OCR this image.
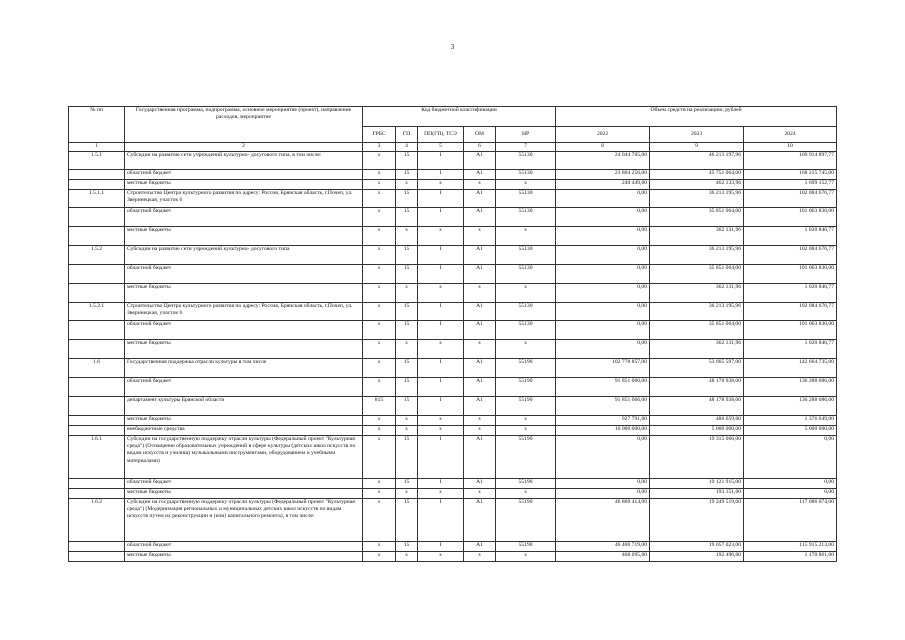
3
№ пп	Государственная программа, подпрограмма, основное мероприятие (проект), направление расходов, мероприятие	Код бюджетной классификации					Объем средств на реализацию, рублей		
		ГРБС	ГП	ПП(ГП), ТСЭ	ОМ	НР	2022	2023	2024
1	2	3	4	5	6	7	8	9	10
1.5.1	Субсидии на развитие сети учреждений культурно- досугового типа, в том числе:	x	15	I	A1	55130	24 044 705,00	46 213 197,96	169 914 897,77
	областной бюджет	x	15	I	A1	55130	23 804 256,00	45 751 064,00	168 215 745,00
	местные бюджеты	x	x	x	x	x	240 449,00	462 133,96	1 699 152,77
1.5.1.1	Строительство Центра культурного развития по адресу: Россия, Брянская область, г.Почеп, ул. Зверинецкая, участок 6	x	15	I	A1	55130	0,00	36 213 195,96	102 084 676,77
	областной бюджет	x	15	I	A1	55130	0,00	35 851 064,00	101 063 830,00
	местные бюджеты	x	x	x	x	x	0,00	362 131,96	1 020 846,77
1.5.2	Субсидии на развитие сети учреждений культурно- досугового типа	x	15	I	A1	55130	0,00	36 213 195,96	102 084 676,77
	областной бюджет	x	15	I	A1	55130	0,00	35 851 064,00	101 063 830,00
	местные бюджеты	x	x	x	x	x	0,00	362 131,96	1 020 846,77
1.5.2.1	Строительство Центра культурного развития по адресу: Россия, Брянская область, г.Почеп, ул. Зверинецкая, участок 6	x	15	I	A1	55130	0,00	36 213 195,96	102 084 676,77
	областной бюджет	x	15	I	A1	55130	0,00	35 851 064,00	101 063 830,00
	местные бюджеты	x	x	x	x	x	0,00	362 131,96	1 020 846,77
1.6	Государственная поддержка отрасли культуры в том числе	x	15	I	A1	55190	102 778 857,00	53 665 597,00	142 664 735,00
	областной бюджет	x	15	I	A1	55190	91 851 066,00	48 178 938,00	136 288 086,00
	департамент культуры Брянской области	815	15	I	A1	55190	91 851 066,00	48 178 938,00	136 288 086,00
	местные бюджеты	x	x	x	x	x	927 791,00	486 659,00	1 376 649,00
	внебюджетные средства	x	x	x	x	x	10 000 000,00	5 000 000,00	5 000 000,00
1.6.1	Субсидии на государственную поддержку отрасли культуры (Федеральный проект "Культурная среда") (Оснащение образовательных учреждений в сфере культуры (детских школ искусств по видам искусств и училищ) музыкальными инструментами, оборудованием и учебными материалами)	x	15	I	A1	55190	0,00	19 315 066,00	0,00
	областной бюджет	x	15	I	A1	55190	0,00	19 121 915,00	0,00
	местные бюджеты	x	x	x	x	x	0,00	193 151,00	0,00
1.6.2	Субсидии на государственную поддержку отрасли культуры (Федеральный проект "Культурная среда") (Модернизация региональных и муниципальных детских школ искусств по видам искусств путем их реконструкции и (или) капитального ремонта), в том числе:	x	15	I	A1	55190	46 869 414,00	19 249 519,00	117 086 074,00
	областной бюджет	x	15	I	A1	55190	46 400 719,00	19 057 023,00	115 915 213,00
	местные бюджеты	x	x	x	x	x	468 695,00	192 496,00	1 170 861,00
